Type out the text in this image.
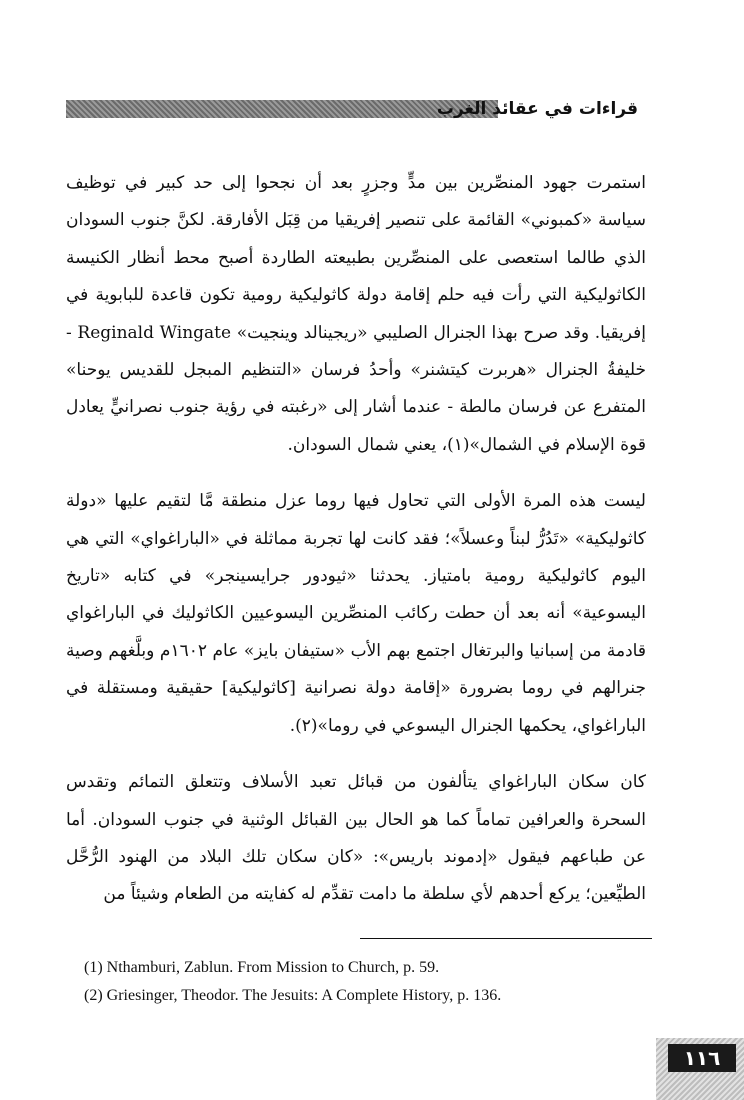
قراءات في عقائد الغرب

استمرت جهود المنصِّرين بين مدٍّ وجزرٍ بعد أن نجحوا إلى حد كبير في توظيف سياسة «كمبوني» القائمة على تنصير إفريقيا من قِبَل الأفارقة. لكنَّ جنوب السودان الذي طالما استعصى على المنصِّرين بطبيعته الطاردة أصبح محط أنظار الكنيسة الكاثوليكية التي رأت فيه حلم إقامة دولة كاثوليكية رومية تكون قاعدة للبابوية في إفريقيا. وقد صرح بهذا الجنرال الصليبي «ريجينالد وينجيت» Reginald Wingate - خليفةُ الجنرال «هربرت كيتشنر» وأحدُ فرسان «التنظيم المبجل للقديس يوحنا» المتفرع عن فرسان مالطة - عندما أشار إلى «رغبته في رؤية جنوب نصرانيٍّ يعادل قوة الإسلام في الشمال»(١)، يعني شمال السودان.

ليست هذه المرة الأولى التي تحاول فيها روما عزل منطقة مَّا لتقيم عليها «دولة كاثوليكية» «تَدُرُّ لبناً وعسلاً»؛ فقد كانت لها تجربة مماثلة في «الباراغواي» التي هي اليوم كاثوليكية رومية بامتياز. يحدثنا «ثيودور جرايسينجر» في كتابه «تاريخ اليسوعية» أنه بعد أن حطت ركائب المنصِّرين اليسوعيين الكاثوليك في الباراغواي قادمة من إسبانيا والبرتغال اجتمع بهم الأب «ستيفان بايز» عام ١٦٠٢م وبلَّغهم وصية جنرالهم في روما بضرورة «إقامة دولة نصرانية [كاثوليكية] حقيقية ومستقلة في الباراغواي، يحكمها الجنرال اليسوعي في روما»(٢).

كان سكان الباراغواي يتألفون من قبائل تعبد الأسلاف وتتعلق التمائم وتقدس السحرة والعرافين تماماً كما هو الحال بين القبائل الوثنية في جنوب السودان. أما عن طباعهم فيقول «إدموند باريس»: «كان سكان تلك البلاد من الهنود الرُّحَّل الطيِّعين؛ يركع أحدهم لأي سلطة ما دامت تقدِّم له كفايته من الطعام وشيئاً من

(1) Nthamburi, Zablun. From Mission to Church, p. 59.
(2) Griesinger, Theodor. The Jesuits: A Complete History, p. 136.
١١٦
